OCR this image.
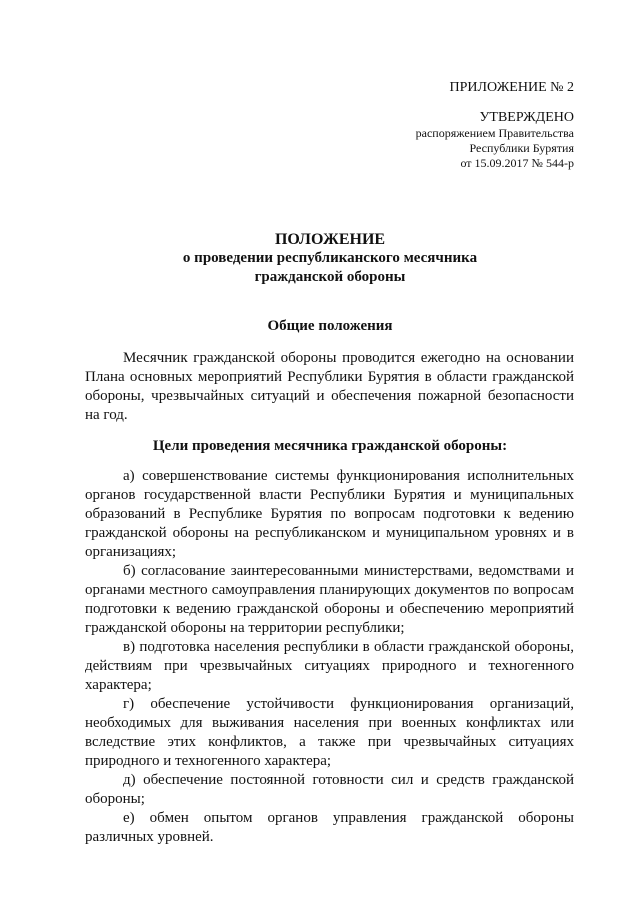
ПРИЛОЖЕНИЕ № 2
УТВЕРЖДЕНО
распоряжением Правительства
Республики Бурятия
от 15.09.2017 № 544-р
ПОЛОЖЕНИЕ
о проведении республиканского месячника
гражданской обороны
Общие положения

Месячник гражданской обороны проводится ежегодно на основании Плана основных мероприятий Республики Бурятия в области гражданской обороны, чрезвычайных ситуаций и обеспечения пожарной безопасности на год.

Цели проведения месячника гражданской обороны:

а) совершенствование системы функционирования исполнительных органов государственной власти Республики Бурятия и муниципальных образований в Республике Бурятия по вопросам подготовки к ведению гражданской обороны на республиканском и муниципальном уровнях и в организациях;

б) согласование заинтересованными министерствами, ведомствами и органами местного самоуправления планирующих документов по вопросам подготовки к ведению гражданской обороны и обеспечению мероприятий гражданской обороны на территории республики;

в) подготовка населения республики в области гражданской обороны, действиям при чрезвычайных ситуациях природного и техногенного характера;

г) обеспечение устойчивости функционирования организаций, необходимых для выживания населения при военных конфликтах или вследствие этих конфликтов, а также при чрезвычайных ситуациях природного и техногенного характера;

д) обеспечение постоянной готовности сил и средств гражданской обороны;

е) обмен опытом органов управления гражданской обороны различных уровней.
